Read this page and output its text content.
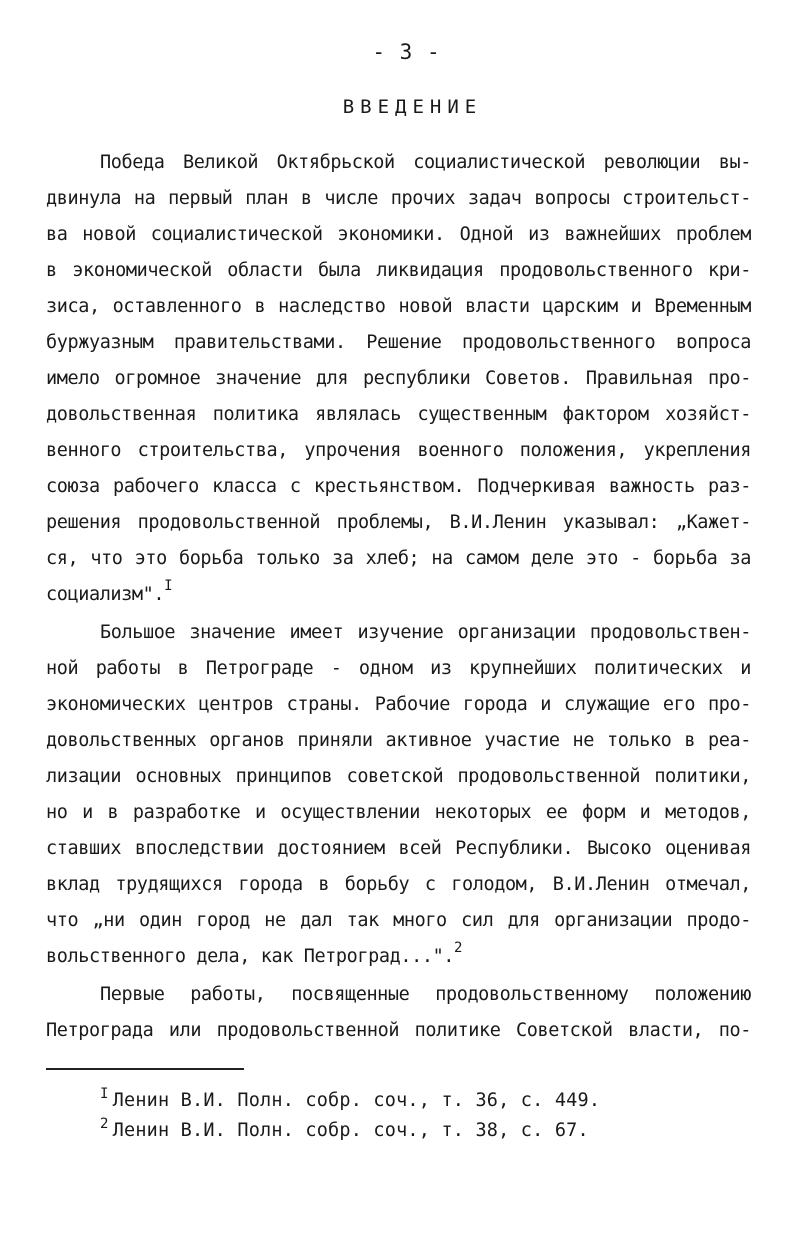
- 3 -
ВВЕДЕНИЕ
Победа Великой Октябрьской социалистической революции вы-
двинула на первый план в числе прочих задач вопросы строительст-
ва новой социалистической экономики. Одной из важнейших проблем
в экономической области была ликвидация продовольственного кри-
зиса, оставленного в наследство новой власти царским и Временным
буржуазным правительствами. Решение продовольственного вопроса
имело огромное значение для республики Советов. Правильная про-
довольственная политика являлась существенным фактором хозяйст-
венного строительства, упрочения военного положения, укрепления
союза рабочего класса с крестьянством. Подчеркивая важность раз-
решения продовольственной проблемы, В.И.Ленин указывал: „Кажет-
ся, что это борьба только за хлеб; на самом деле это - борьба за
социализм".$^I$
Большое значение имеет изучение организации продовольствен-
ной работы в Петрограде - одном из крупнейших политических и
экономических центров страны. Рабочие города и служащие его про-
довольственных органов приняли активное участие не только в реа-
лизации основных принципов советской продовольственной политики,
но и в разработке и осуществлении некоторых ее форм и методов,
ставших впоследствии достоянием всей Республики. Высоко оценивая
вклад трудящихся города в борьбу с голодом, В.И.Ленин отмечал,
что „ни один город не дал так много сил для организации продо-
вольственного дела, как Петроград...".$^2$
Первые работы, посвященные продовольственному положению
Петрограда или продовольственной политике Советской власти, по-
$^I$ Ленин В.И. Полн. собр. соч., т. 36, с. 449.
$^2$ Ленин В.И. Полн. собр. соч., т. 38, с. 67.
